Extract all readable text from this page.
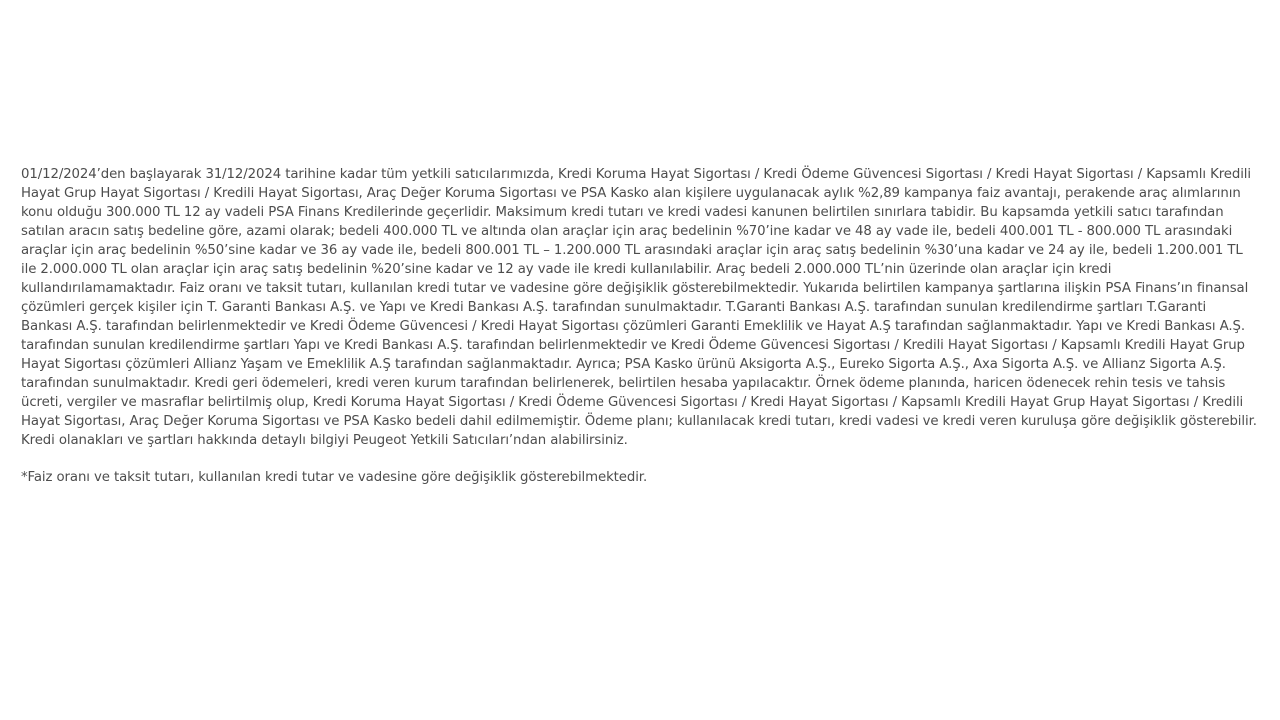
01/12/2024’den başlayarak 31/12/2024 tarihine kadar tüm yetkili satıcılarımızda, Kredi Koruma Hayat Sigortası / Kredi Ödeme Güvencesi Sigortası / Kredi Hayat Sigortası / Kapsamlı Kredili Hayat Grup Hayat Sigortası / Kredili Hayat Sigortası, Araç Değer Koruma Sigortası ve PSA Kasko alan kişilere uygulanacak aylık %2,89 kampanya faiz avantajı, perakende araç alımlarının konu olduğu 300.000 TL 12 ay vadeli PSA Finans Kredilerinde geçerlidir. Maksimum kredi tutarı ve kredi vadesi kanunen belirtilen sınırlara tabidir. Bu kapsamda yetkili satıcı tarafından satılan aracın satış bedeline göre, azami olarak; bedeli 400.000 TL ve altında olan araçlar için araç bedelinin %70’ine kadar ve 48 ay vade ile, bedeli 400.001 TL - 800.000 TL arasındaki araçlar için araç bedelinin %50’sine kadar ve 36 ay vade ile, bedeli 800.001 TL – 1.200.000 TL arasındaki araçlar için araç satış bedelinin %30’una kadar ve 24 ay ile, bedeli 1.200.001 TL ile 2.000.000 TL olan araçlar için araç satış bedelinin %20’sine kadar ve 12 ay vade ile kredi kullanılabilir. Araç bedeli 2.000.000 TL’nin üzerinde olan araçlar için kredi kullandırılamamaktadır. Faiz oranı ve taksit tutarı, kullanılan kredi tutar ve vadesine göre değişiklik gösterebilmektedir. Yukarıda belirtilen kampanya şartlarına ilişkin PSA Finans’ın finansal çözümleri gerçek kişiler için T. Garanti Bankası A.Ş. ve Yapı ve Kredi Bankası A.Ş. tarafından sunulmaktadır. T.Garanti Bankası A.Ş. tarafından sunulan kredilendirme şartları T.Garanti Bankası A.Ş. tarafından belirlenmektedir ve Kredi Ödeme Güvencesi / Kredi Hayat Sigortası çözümleri Garanti Emeklilik ve Hayat A.Ş tarafından sağlanmaktadır. Yapı ve Kredi Bankası A.Ş. tarafından sunulan kredilendirme şartları Yapı ve Kredi Bankası A.Ş. tarafından belirlenmektedir ve Kredi Ödeme Güvencesi Sigortası / Kredili Hayat Sigortası / Kapsamlı Kredili Hayat Grup Hayat Sigortası çözümleri Allianz Yaşam ve Emeklilik A.Ş tarafından sağlanmaktadır. Ayrıca; PSA Kasko ürünü Aksigorta A.Ş., Eureko Sigorta A.Ş., Axa Sigorta A.Ş. ve Allianz Sigorta A.Ş. tarafından sunulmaktadır. Kredi geri ödemeleri, kredi veren kurum tarafından belirlenerek, belirtilen hesaba yapılacaktır. Örnek ödeme planında, haricen ödenecek rehin tesis ve tahsis ücreti, vergiler ve masraflar belirtilmiş olup, Kredi Koruma Hayat Sigortası / Kredi Ödeme Güvencesi Sigortası / Kredi Hayat Sigortası / Kapsamlı Kredili Hayat Grup Hayat Sigortası / Kredili Hayat Sigortası, Araç Değer Koruma Sigortası ve PSA Kasko bedeli dahil edilmemiştir. Ödeme planı; kullanılacak kredi tutarı, kredi vadesi ve kredi veren kuruluşa göre değişiklik gösterebilir. Kredi olanakları ve şartları hakkında detaylı bilgiyi Peugeot Yetkili Satıcıları’ndan alabilirsiniz.

*Faiz oranı ve taksit tutarı, kullanılan kredi tutar ve vadesine göre değişiklik gösterebilmektedir.
